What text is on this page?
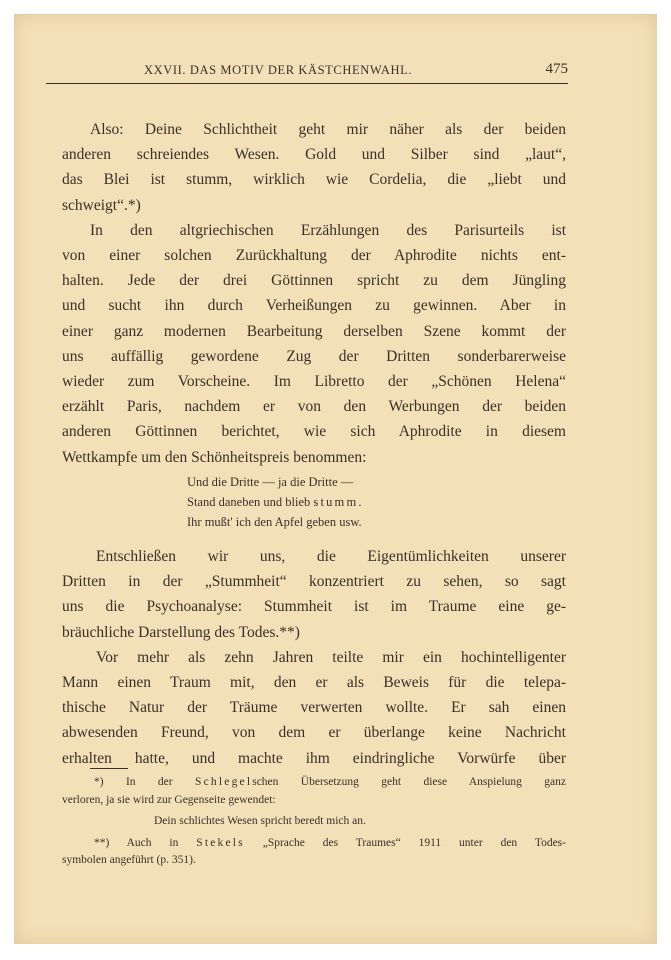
XXVII. DAS MOTIV DER KÄSTCHENWAHL.	475

Also: Deine Schlichtheit geht mir näher als der beiden
anderen schreiendes Wesen. Gold und Silber sind „laut“,
das Blei ist stumm, wirklich wie Cordelia, die „liebt und
schweigt“.*)

In den altgriechischen Erzählungen des Parisurteils ist
von einer solchen Zurückhaltung der Aphrodite nichts ent-
halten. Jede der drei Göttinnen spricht zu dem Jüngling
und sucht ihn durch Verheißungen zu gewinnen. Aber in
einer ganz modernen Bearbeitung derselben Szene kommt der
uns auffällig gewordene Zug der Dritten sonderbarerweise
wieder zum Vorscheine. Im Libretto der „Schönen Helena“
erzählt Paris, nachdem er von den Werbungen der beiden
anderen Göttinnen berichtet, wie sich Aphrodite in diesem
Wettkampfe um den Schönheitspreis benommen:

Und die Dritte — ja die Dritte —
Stand daneben und blieb stumm.
Ihr mußt' ich den Apfel geben usw.

Entschließen wir uns, die Eigentümlichkeiten unserer
Dritten in der „Stummheit“ konzentriert zu sehen, so sagt
uns die Psychoanalyse: Stummheit ist im Traume eine ge-
bräuchliche Darstellung des Todes.**)

Vor mehr als zehn Jahren teilte mir ein hochintelligenter
Mann einen Traum mit, den er als Beweis für die telepa-
thische Natur der Träume verwerten wollte. Er sah einen
abwesenden Freund, von dem er überlange keine Nachricht
erhalten hatte, und machte ihm eindringliche Vorwürfe über

*) In der Schlegelschen Übersetzung geht diese Anspielung ganz
verloren, ja sie wird zur Gegenseite gewendet:
Dein schlichtes Wesen spricht beredt mich an.
**) Auch in Stekels „Sprache des Traumes“ 1911 unter den Todes-
symbolen angeführt (p. 351).
